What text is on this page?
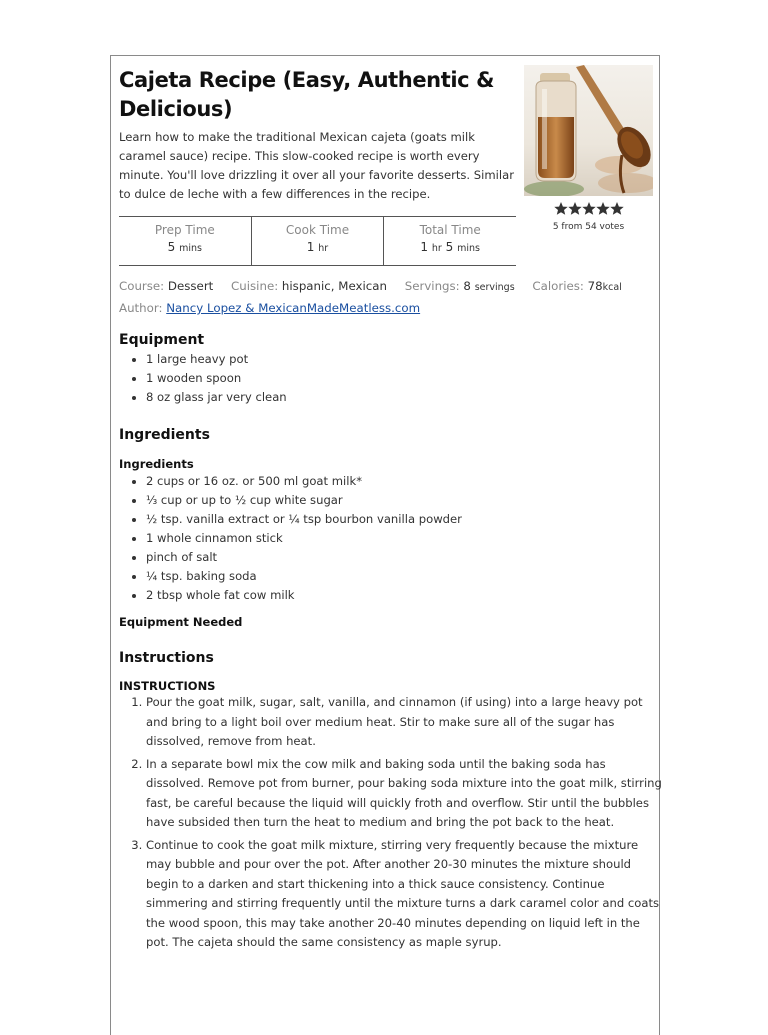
Cajeta Recipe (Easy, Authentic & Delicious)

Learn how to make the traditional Mexican cajeta (goats milk caramel sauce) recipe. This slow-cooked recipe is worth every minute. You'll love drizzling it over all your favorite desserts. Similar to dulce de leche with a few differences in the recipe.

5 from 54 votes
Prep Time
5 mins
Cook Time
1 hr
Total Time
1 hr 5 mins
Course: Dessert Cuisine: hispanic, Mexican Servings: 8 servings Calories: 78kcal
Author: Nancy Lopez & MexicanMadeMeatless.com
Equipment
• 1 large heavy pot
• 1 wooden spoon
• 8 oz glass jar very clean
Ingredients
Ingredients
• 2 cups or 16 oz. or 500 ml goat milk*
• ⅓ cup or up to ½ cup white sugar
• ½ tsp. vanilla extract or ¼ tsp bourbon vanilla powder
• 1 whole cinnamon stick
• pinch of salt
• ¼ tsp. baking soda
• 2 tbsp whole fat cow milk
Equipment Needed
Instructions
INSTRUCTIONS
1. Pour the goat milk, sugar, salt, vanilla, and cinnamon (if using) into a large heavy pot and bring to a light boil over medium heat. Stir to make sure all of the sugar has dissolved, remove from heat.
2. In a separate bowl mix the cow milk and baking soda until the baking soda has dissolved. Remove pot from burner, pour baking soda mixture into the goat milk, stirring fast, be careful because the liquid will quickly froth and overflow. Stir until the bubbles have subsided then turn the heat to medium and bring the pot back to the heat.
3. Continue to cook the goat milk mixture, stirring very frequently because the mixture may bubble and pour over the pot. After another 20-30 minutes the mixture should begin to a darken and start thickening into a thick sauce consistency. Continue simmering and stirring frequently until the mixture turns a dark caramel color and coats the wood spoon, this may take another 20-40 minutes depending on liquid left in the pot. The cajeta should the same consistency as maple syrup.
